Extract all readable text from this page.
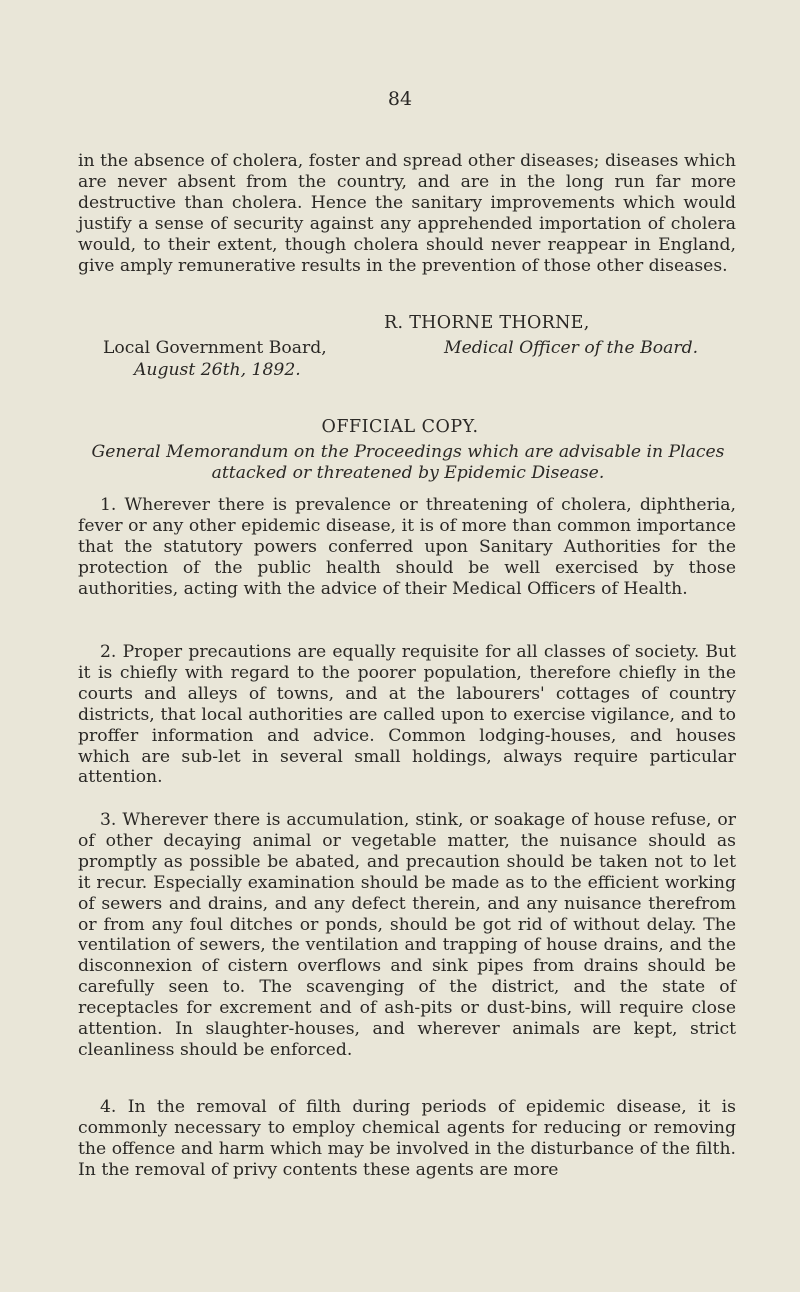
84
in the absence of cholera, foster and spread other diseases; diseases which are never absent from the country, and are in the long run far more destructive than cholera. Hence the sanitary improvements which would justify a sense of security against any apprehended importation of cholera would, to their extent, though cholera should never reappear in England, give amply remunerative results in the prevention of those other diseases.
R. THORNE THORNE,
Local Government Board,
August 26th, 1892.
Medical Officer of the Board.
OFFICIAL COPY.
General Memorandum on the Proceedings which are advisable in Places attacked or threatened by Epidemic Disease.
1. Wherever there is prevalence or threatening of cholera, diphtheria, fever or any other epidemic disease, it is of more than common importance that the statutory powers conferred upon Sanitary Authorities for the protection of the public health should be well exercised by those authorities, acting with the advice of their Medical Officers of Health.
2. Proper precautions are equally requisite for all classes of society. But it is chiefly with regard to the poorer population, therefore chiefly in the courts and alleys of towns, and at the labourers' cottages of country districts, that local authorities are called upon to exercise vigilance, and to proffer information and advice. Common lodging-houses, and houses which are sub-let in several small holdings, always require particular attention.
3. Wherever there is accumulation, stink, or soakage of house refuse, or of other decaying animal or vegetable matter, the nuisance should as promptly as possible be abated, and precaution should be taken not to let it recur. Especially examination should be made as to the efficient working of sewers and drains, and any defect therein, and any nuisance therefrom or from any foul ditches or ponds, should be got rid of without delay. The ventilation of sewers, the ventilation and trapping of house drains, and the disconnexion of cistern overflows and sink pipes from drains should be carefully seen to. The scavenging of the district, and the state of receptacles for excrement and of ash-pits or dust-bins, will require close attention. In slaughter-houses, and wherever animals are kept, strict cleanliness should be enforced.
4. In the removal of filth during periods of epidemic disease, it is commonly necessary to employ chemical agents for reducing or removing the offence and harm which may be involved in the disturbance of the filth. In the removal of privy contents these agents are more
